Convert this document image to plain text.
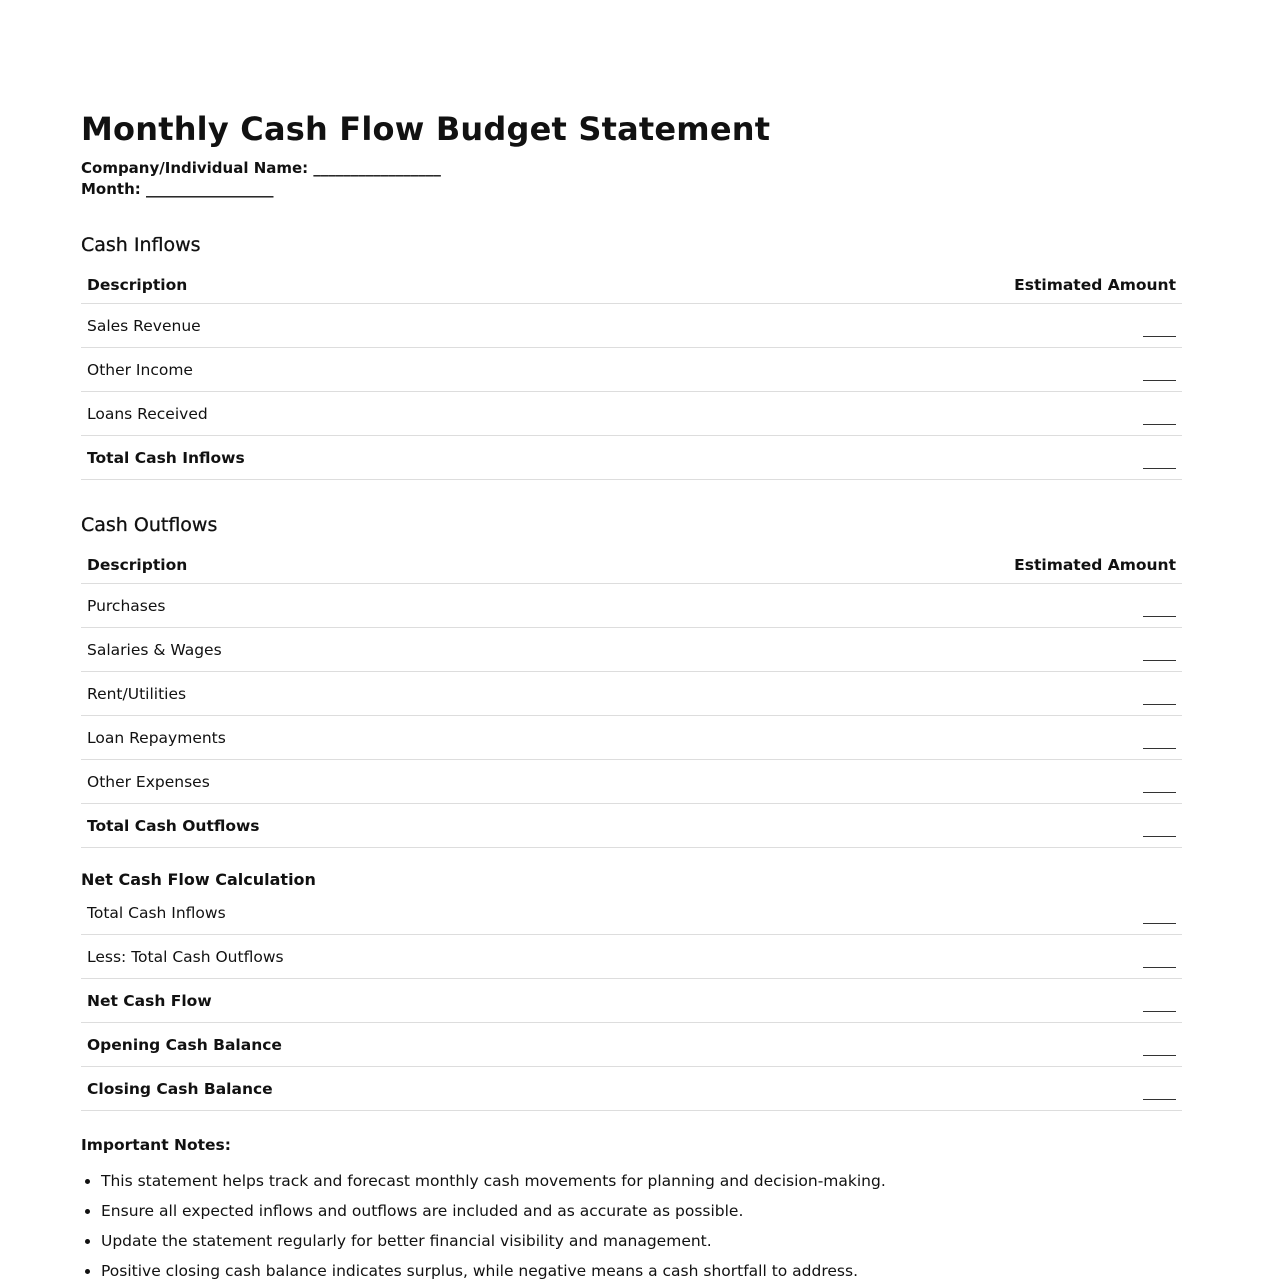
Monthly Cash Flow Budget Statement
Company/Individual Name: _________________
Month: _________________
Cash Inflows
Description	Estimated Amount
Sales Revenue	
Other Income	
Loans Received	
Total Cash Inflows	
Cash Outflows
Description	Estimated Amount
Purchases	
Salaries & Wages	
Rent/Utilities	
Loan Repayments	
Other Expenses	
Total Cash Outflows	
Net Cash Flow Calculation
Total Cash Inflows	
Less: Total Cash Outflows	
Net Cash Flow	
Opening Cash Balance	
Closing Cash Balance	
Important Notes:
• This statement helps track and forecast monthly cash movements for planning and decision-making.
• Ensure all expected inflows and outflows are included and as accurate as possible.
• Update the statement regularly for better financial visibility and management.
• Positive closing cash balance indicates surplus, while negative means a cash shortfall to address.
